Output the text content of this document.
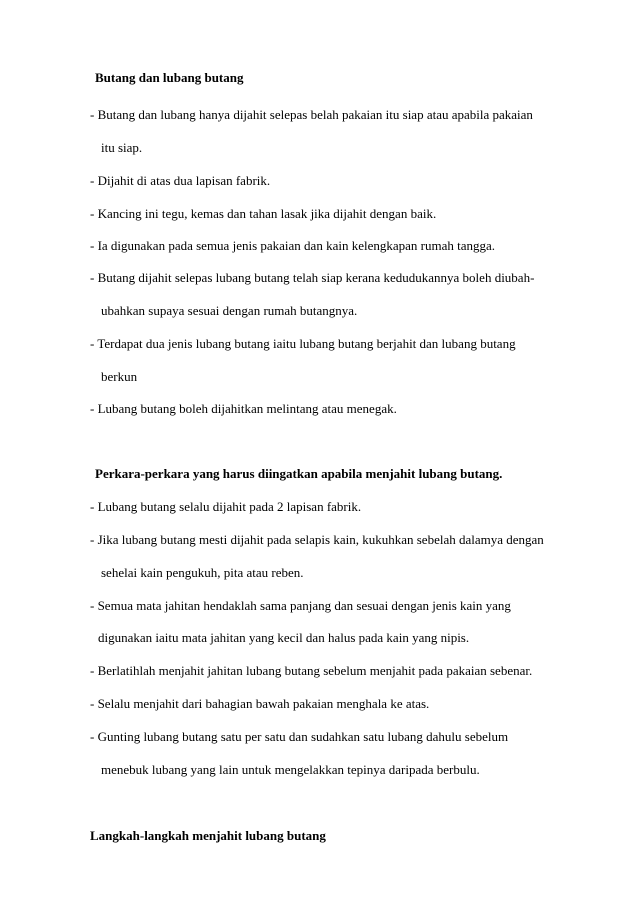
Butang dan lubang butang
- Butang dan lubang hanya dijahit selepas belah pakaian itu siap atau apabila pakaian
itu siap.
- Dijahit di atas dua lapisan fabrik.
- Kancing ini tegu, kemas dan tahan lasak jika dijahit dengan baik.
- Ia digunakan pada semua jenis pakaian dan kain kelengkapan rumah tangga.
- Butang dijahit selepas lubang butang telah siap kerana kedudukannya boleh diubah-
ubahkan supaya sesuai dengan rumah butangnya.
- Terdapat dua jenis lubang butang iaitu lubang butang berjahit dan lubang butang
berkun
- Lubang butang boleh dijahitkan melintang atau menegak.
Perkara-perkara yang harus diingatkan apabila menjahit lubang butang.
- Lubang butang selalu dijahit pada 2 lapisan fabrik.
- Jika lubang butang mesti dijahit pada selapis kain, kukuhkan sebelah dalamya dengan
sehelai kain pengukuh, pita atau reben.
- Semua mata jahitan hendaklah sama panjang dan sesuai dengan jenis kain yang
digunakan iaitu mata jahitan yang kecil dan halus pada kain yang nipis.
- Berlatihlah menjahit jahitan lubang butang sebelum menjahit pada pakaian sebenar.
- Selalu menjahit dari bahagian bawah pakaian menghala ke atas.
- Gunting lubang butang satu per satu dan sudahkan satu lubang dahulu sebelum
menebuk lubang yang lain untuk mengelakkan tepinya daripada berbulu.
Langkah-langkah menjahit lubang butang
